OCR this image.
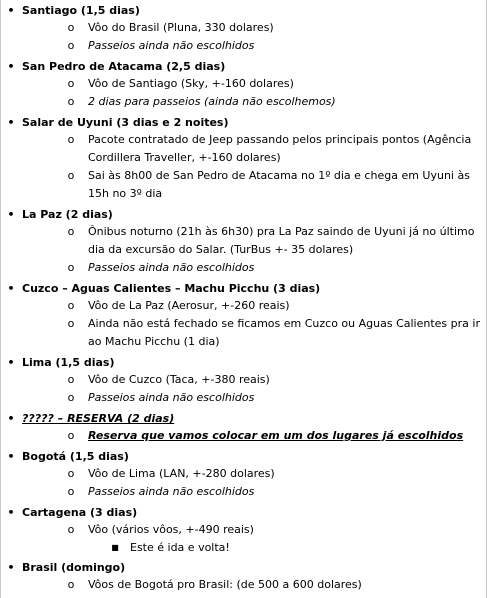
• Santiago (1,5 dias)
o Vôo do Brasil (Pluna, 330 dolares)
o Passeios ainda não escolhidos
• San Pedro de Atacama (2,5 dias)
o Vôo de Santiago (Sky, +-160 dolares)
o 2 dias para passeios (ainda não escolhemos)
• Salar de Uyuni (3 dias e 2 noites)
o Pacote contratado de Jeep passando pelos principais pontos (Agência Cordillera Traveller, +-160 dolares)
o Sai às 8h00 de San Pedro de Atacama no 1º dia e chega em Uyuni às 15h no 3º dia
• La Paz (2 dias)
o Ônibus noturno (21h às 6h30) pra La Paz saindo de Uyuni já no último dia da excursão do Salar. (TurBus +- 35 dolares)
o Passeios ainda não escolhidos
• Cuzco – Aguas Calientes – Machu Picchu (3 dias)
o Vôo de La Paz (Aerosur, +-260 reais)
o Ainda não está fechado se ficamos em Cuzco ou Aguas Calientes pra ir ao Machu Picchu (1 dia)
• Lima (1,5 dias)
o Vôo de Cuzco (Taca, +-380 reais)
o Passeios ainda não escolhidos
• ????? – RESERVA (2 dias)
o Reserva que vamos colocar em um dos lugares já escolhidos
• Bogotá (1,5 dias)
o Vôo de Lima (LAN, +-280 dolares)
o Passeios ainda não escolhidos
• Cartagena (3 dias)
o Vôo (vários vôos, +-490 reais)
■ Este é ida e volta!
• Brasil (domingo)
o Vôos de Bogotá pro Brasil: (de 500 a 600 dolares)
